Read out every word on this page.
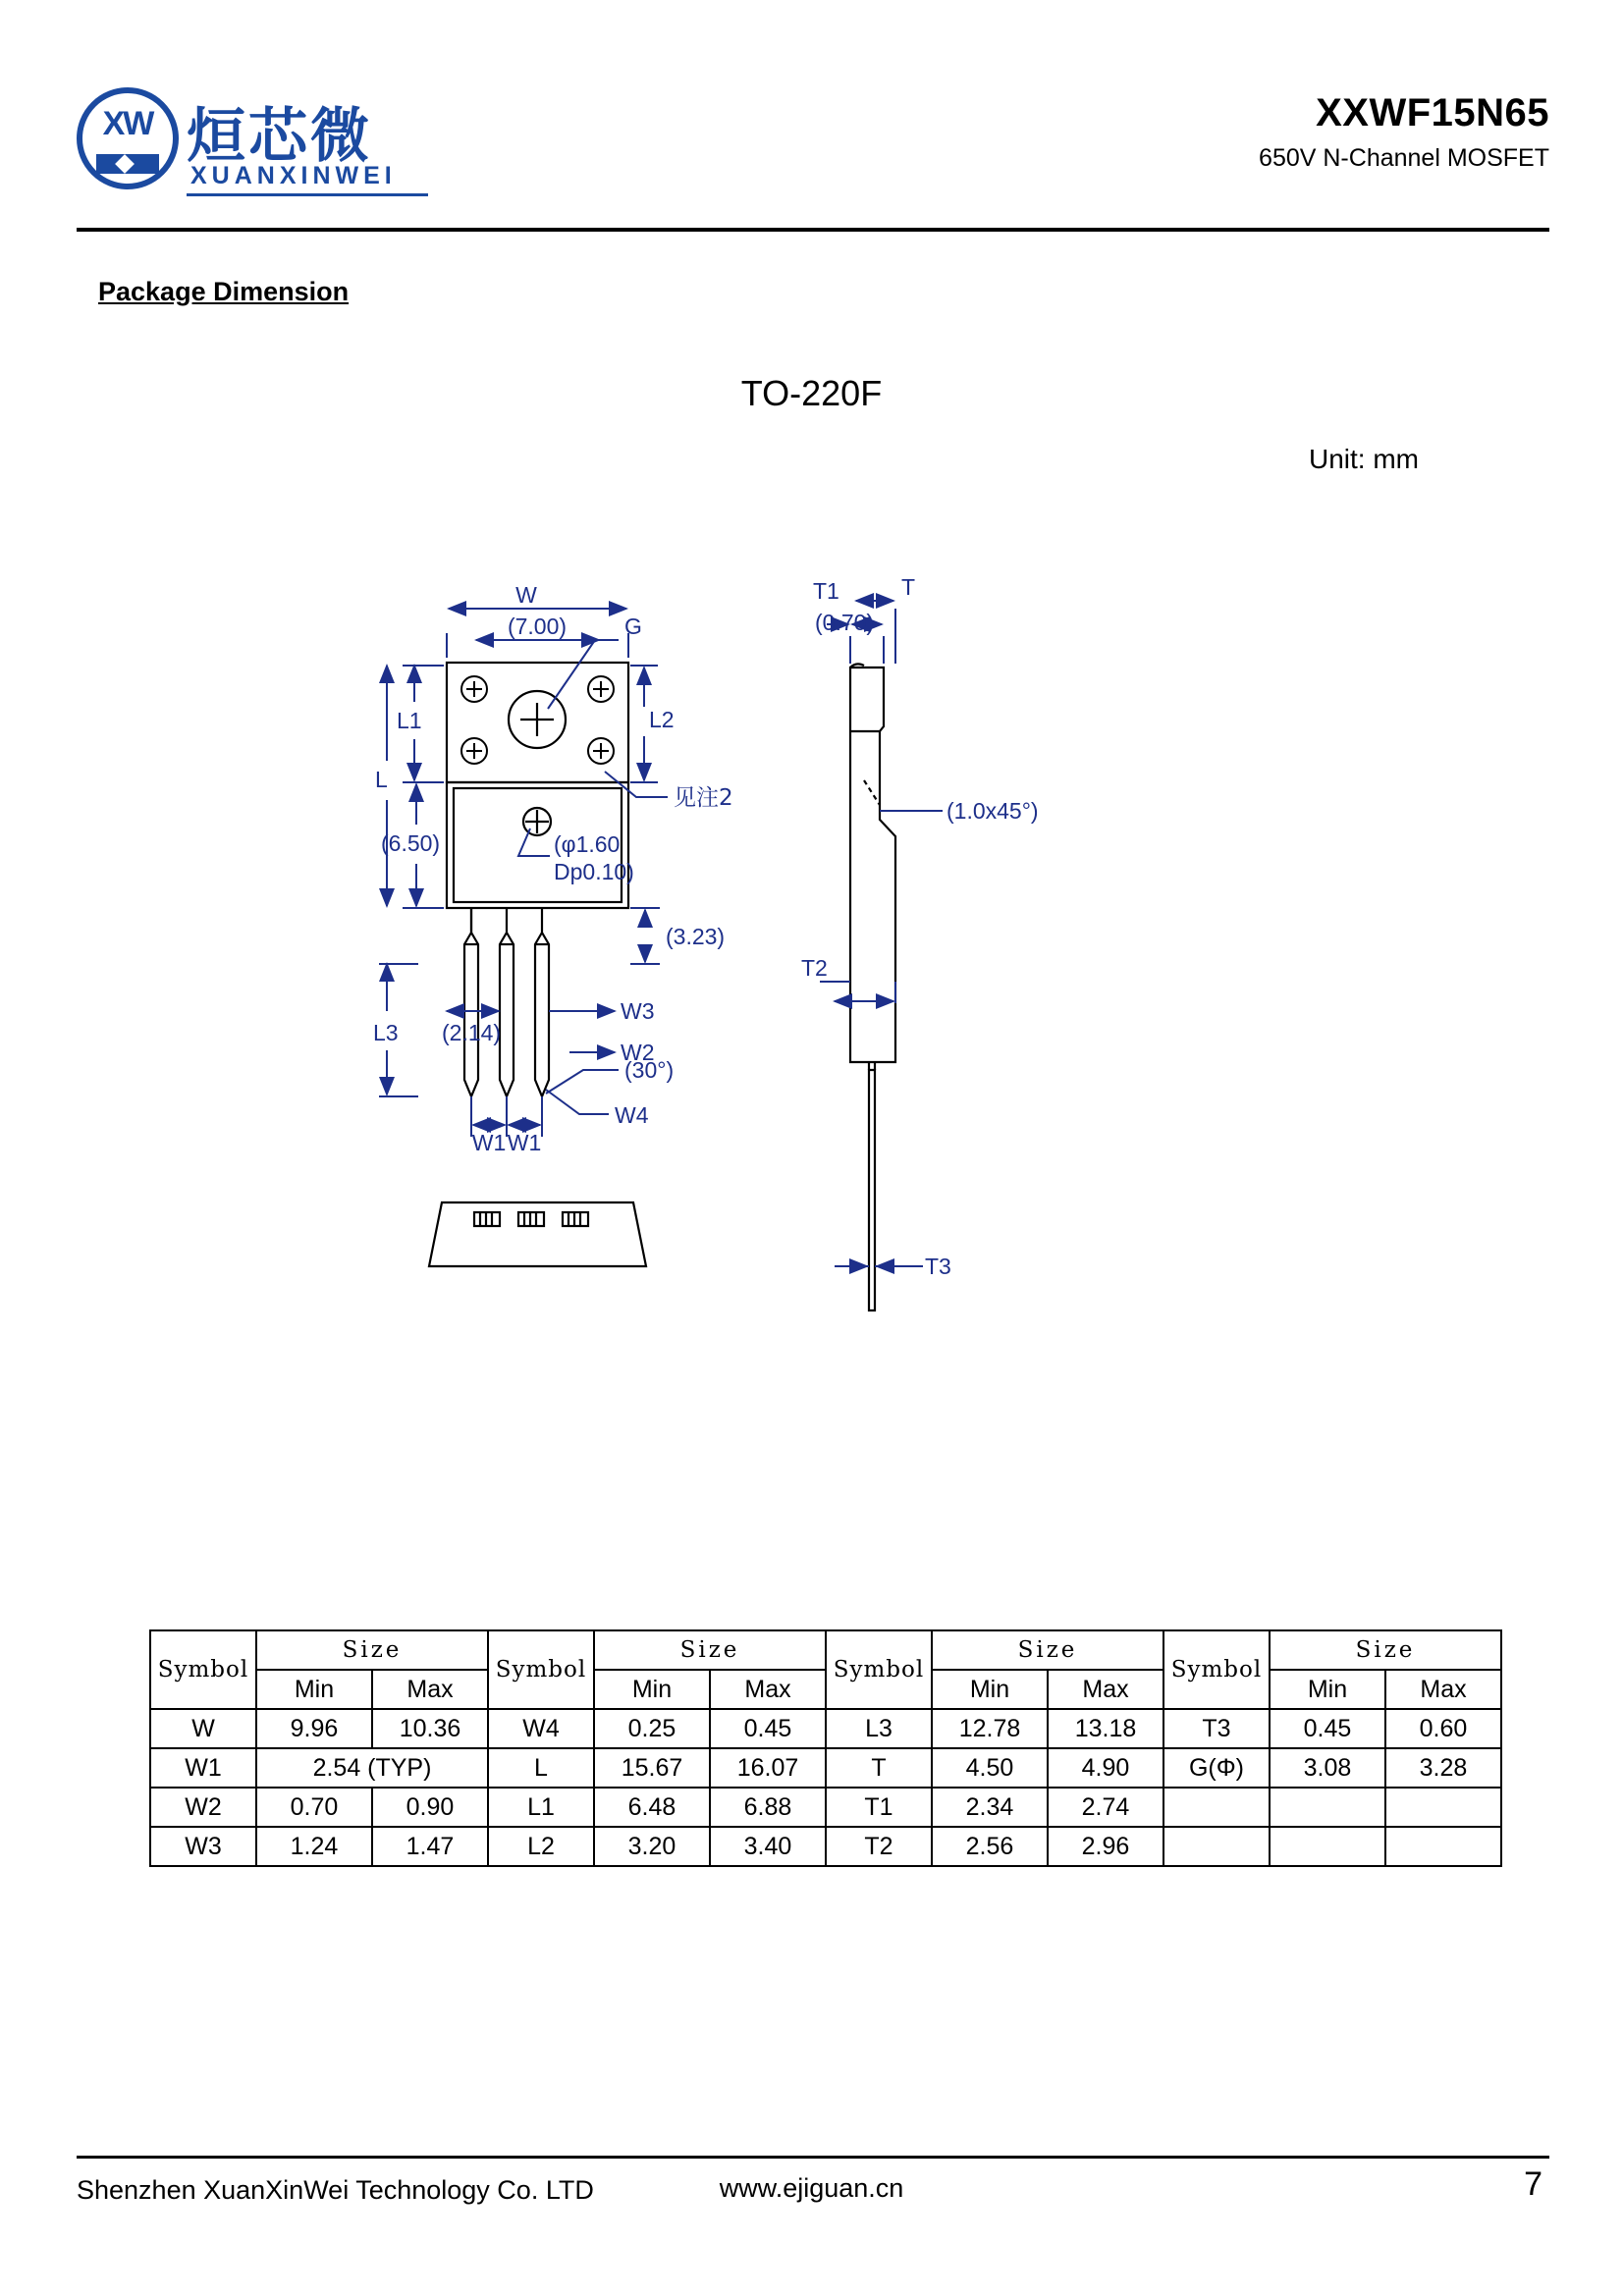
XW 烜芯微
XUANXINWEI
XXWF15N65
650V N-Channel MOSFET
Package Dimension
TO-220F
Unit: mm
W
(7.00)	G
L2
L1
L
(6.50)
见注2
(φ1.60
Dp0.10)
(3.23)
L3 (2.14)
W3
W2
(30°)
W1 W1
W4
T
T1
(0.70)
(1.0x45°)
T2
T3
Symbol	Size		Symbol	Size		Symbol	Size		Symbol	Size	
	Min	Max		Min	Max		Min	Max		Min	Max
W	9.96	10.36	W4	0.25	0.45	L3	12.78	13.18	T3	0.45	0.60
W1	2.54 (TYP)		L	15.67	16.07	T	4.50	4.90	G(Φ)	3.08	3.28
W2	0.70	0.90	L1	6.48	6.88	T1	2.34	2.74			
W3	1.24	1.47	L2	3.20	3.40	T2	2.56	2.96			
Shenzhen XuanXinWei Technology Co. LTD	www.ejiguan.cn	7
